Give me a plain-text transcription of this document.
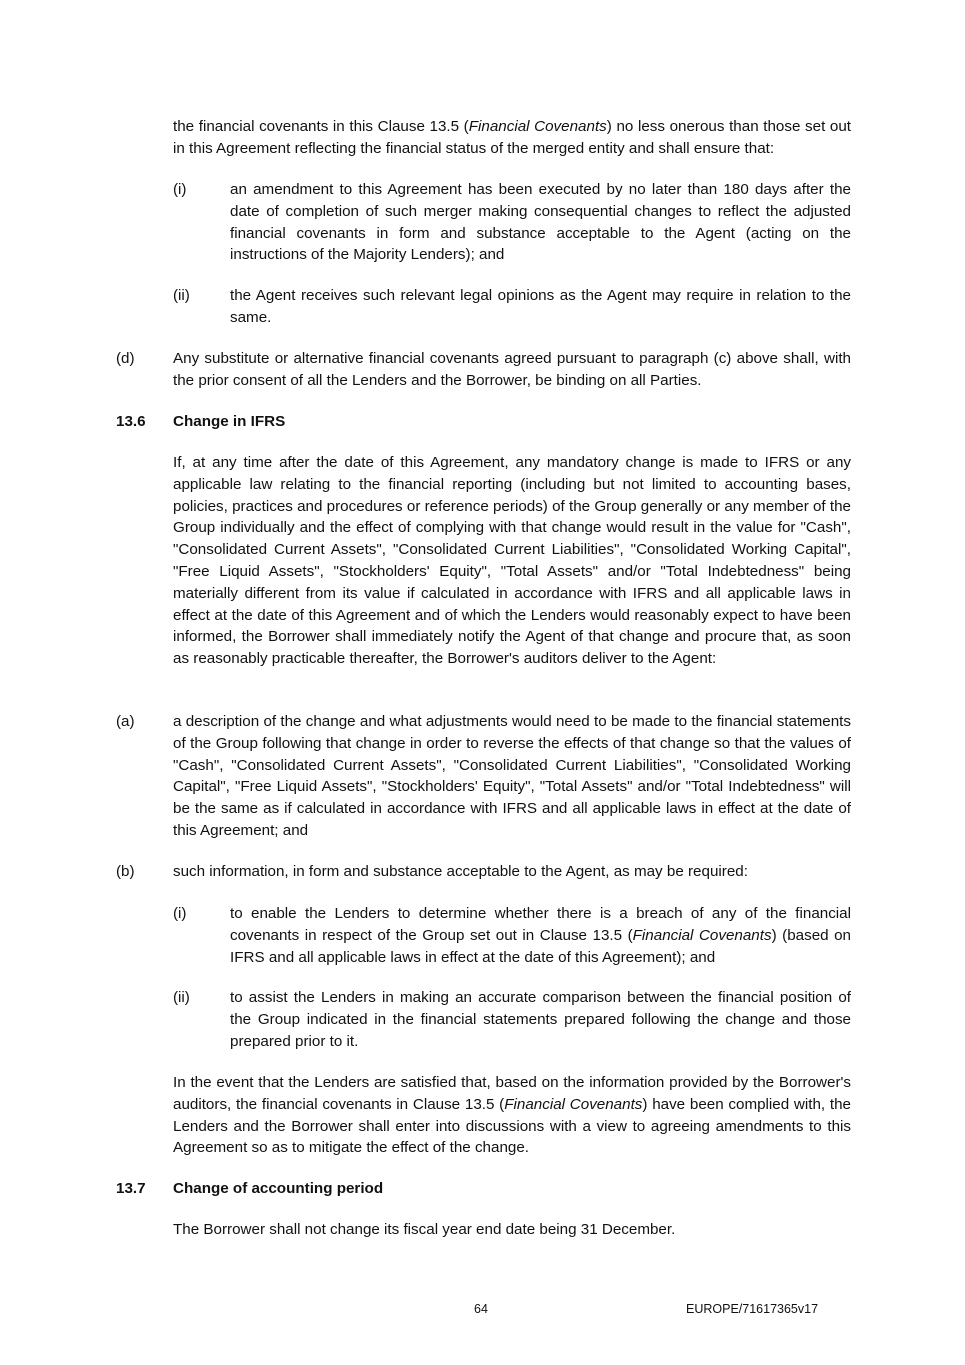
the financial covenants in this Clause 13.5 (Financial Covenants) no less onerous than those set out in this Agreement reflecting the financial status of the merged entity and shall ensure that:

(i)	an amendment to this Agreement has been executed by no later than 180 days after the date of completion of such merger making consequential changes to reflect the adjusted financial covenants in form and substance acceptable to the Agent (acting on the instructions of the Majority Lenders); and

(ii)	the Agent receives such relevant legal opinions as the Agent may require in relation to the same.

(d)	Any substitute or alternative financial covenants agreed pursuant to paragraph (c) above shall, with the prior consent of all the Lenders and the Borrower, be binding on all Parties.

13.6 Change in IFRS

If, at any time after the date of this Agreement, any mandatory change is made to IFRS or any applicable law relating to the financial reporting (including but not limited to accounting bases, policies, practices and procedures or reference periods) of the Group generally or any member of the Group individually and the effect of complying with that change would result in the value for "Cash", "Consolidated Current Assets", "Consolidated Current Liabilities", "Consolidated Working Capital", "Free Liquid Assets", "Stockholders' Equity", "Total Assets" and/or "Total Indebtedness" being materially different from its value if calculated in accordance with IFRS and all applicable laws in effect at the date of this Agreement and of which the Lenders would reasonably expect to have been informed, the Borrower shall immediately notify the Agent of that change and procure that, as soon as reasonably practicable thereafter, the Borrower's auditors deliver to the Agent:

(a)	a description of the change and what adjustments would need to be made to the financial statements of the Group following that change in order to reverse the effects of that change so that the values of "Cash", "Consolidated Current Assets", "Consolidated Current Liabilities", "Consolidated Working Capital", "Free Liquid Assets", "Stockholders' Equity", "Total Assets" and/or "Total Indebtedness" will be the same as if calculated in accordance with IFRS and all applicable laws in effect at the date of this Agreement; and

(b)	such information, in form and substance acceptable to the Agent, as may be required:

(i)	to enable the Lenders to determine whether there is a breach of any of the financial covenants in respect of the Group set out in Clause 13.5 (Financial Covenants) (based on IFRS and all applicable laws in effect at the date of this Agreement); and

(ii)	to assist the Lenders in making an accurate comparison between the financial position of the Group indicated in the financial statements prepared following the change and those prepared prior to it.

In the event that the Lenders are satisfied that, based on the information provided by the Borrower's auditors, the financial covenants in Clause 13.5 (Financial Covenants) have been complied with, the Lenders and the Borrower shall enter into discussions with a view to agreeing amendments to this Agreement so as to mitigate the effect of the change.

13.7 Change of accounting period

The Borrower shall not change its fiscal year end date being 31 December.

64	EUROPE/71617365v17
